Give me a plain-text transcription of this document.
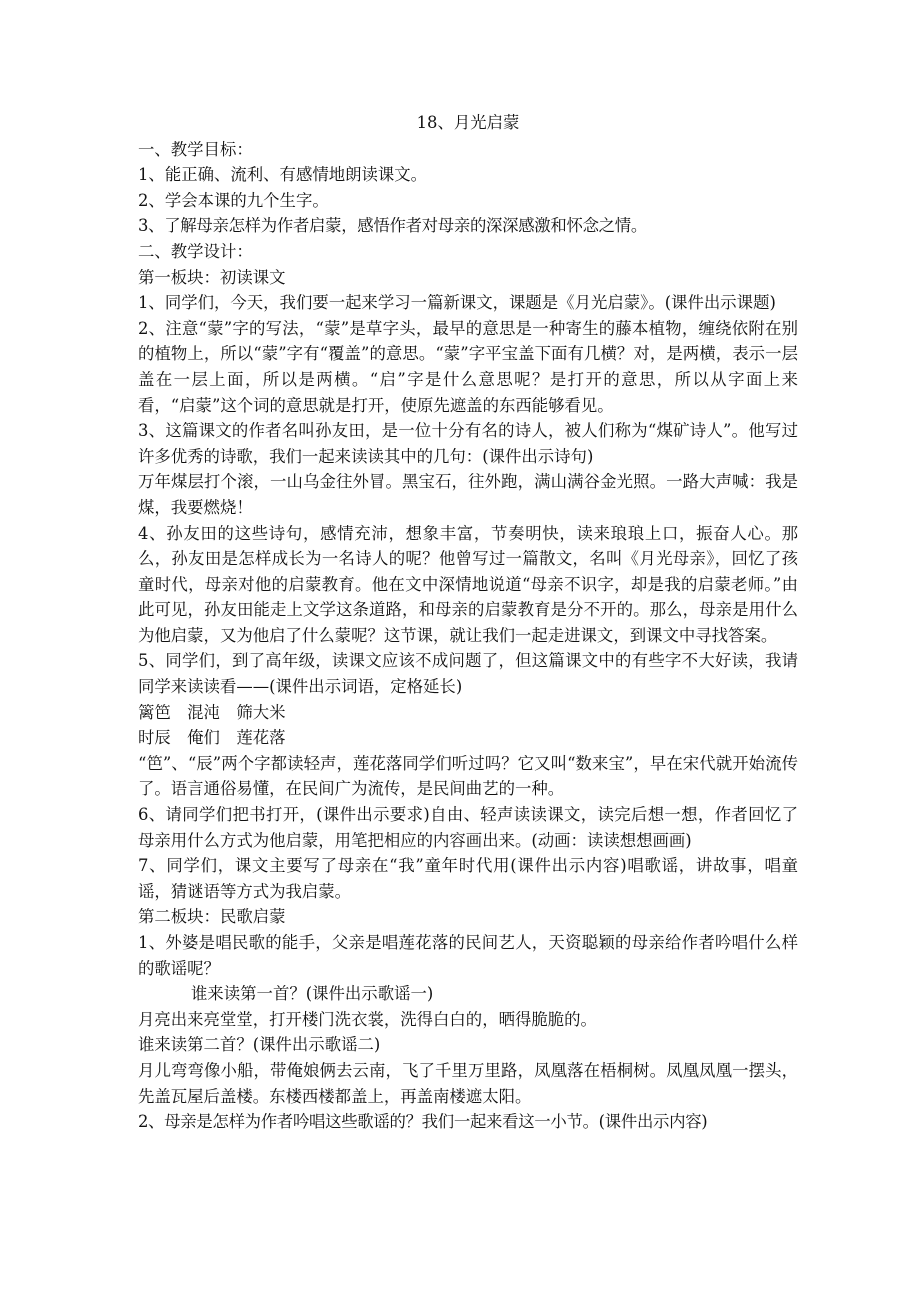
18、月光启蒙

一、教学目标：

1、能正确、流利、有感情地朗读课文。

2、学会本课的九个生字。

3、了解母亲怎样为作者启蒙，感悟作者对母亲的深深感激和怀念之情。

二、教学设计：

第一板块：初读课文

1、同学们，今天，我们要一起来学习一篇新课文，课题是《月光启蒙》。(课件出示课题)

2、注意“蒙”字的写法，“蒙”是草字头，最早的意思是一种寄生的藤本植物，缠绕依附在别的植物上，所以“蒙”字有“覆盖”的意思。“蒙”字平宝盖下面有几横？对，是两横，表示一层盖在一层上面，所以是两横。“启”字是什么意思呢？是打开的意思，所以从字面上来看，“启蒙”这个词的意思就是打开，使原先遮盖的东西能够看见。

3、这篇课文的作者名叫孙友田，是一位十分有名的诗人，被人们称为“煤矿诗人”。他写过许多优秀的诗歌，我们一起来读读其中的几句：(课件出示诗句)

万年煤层打个滚，一山乌金往外冒。黑宝石，往外跑，满山满谷金光照。一路大声喊：我是煤，我要燃烧！

4、孙友田的这些诗句，感情充沛，想象丰富，节奏明快，读来琅琅上口，振奋人心。那么，孙友田是怎样成长为一名诗人的呢？他曾写过一篇散文，名叫《月光母亲》，回忆了孩童时代，母亲对他的启蒙教育。他在文中深情地说道“母亲不识字，却是我的启蒙老师。”由此可见，孙友田能走上文学这条道路，和母亲的启蒙教育是分不开的。那么，母亲是用什么为他启蒙，又为他启了什么蒙呢？这节课，就让我们一起走进课文，到课文中寻找答案。

5、同学们，到了高年级，读课文应该不成问题了，但这篇课文中的有些字不大好读，我请同学来读读看——(课件出示词语，定格延长)

篱笆　混沌　筛大米

时辰　俺们　莲花落

“笆”、“辰”两个字都读轻声，莲花落同学们听过吗？它又叫“数来宝”，早在宋代就开始流传了。语言通俗易懂，在民间广为流传，是民间曲艺的一种。

6、请同学们把书打开，(课件出示要求)自由、轻声读读课文，读完后想一想，作者回忆了母亲用什么方式为他启蒙，用笔把相应的内容画出来。(动画：读读想想画画)

7、同学们，课文主要写了母亲在“我”童年时代用(课件出示内容)唱歌谣，讲故事，唱童谣，猜谜语等方式为我启蒙。

第二板块：民歌启蒙

1、外婆是唱民歌的能手，父亲是唱莲花落的民间艺人，天资聪颖的母亲给作者吟唱什么样的歌谣呢？

谁来读第一首？(课件出示歌谣一)

月亮出来亮堂堂，打开楼门洗衣裳，洗得白白的，晒得脆脆的。

谁来读第二首？(课件出示歌谣二)

月儿弯弯像小船，带俺娘俩去云南，飞了千里万里路，凤凰落在梧桐树。凤凰凤凰一摆头，先盖瓦屋后盖楼。东楼西楼都盖上，再盖南楼遮太阳。

2、母亲是怎样为作者吟唱这些歌谣的？我们一起来看这一小节。(课件出示内容)
